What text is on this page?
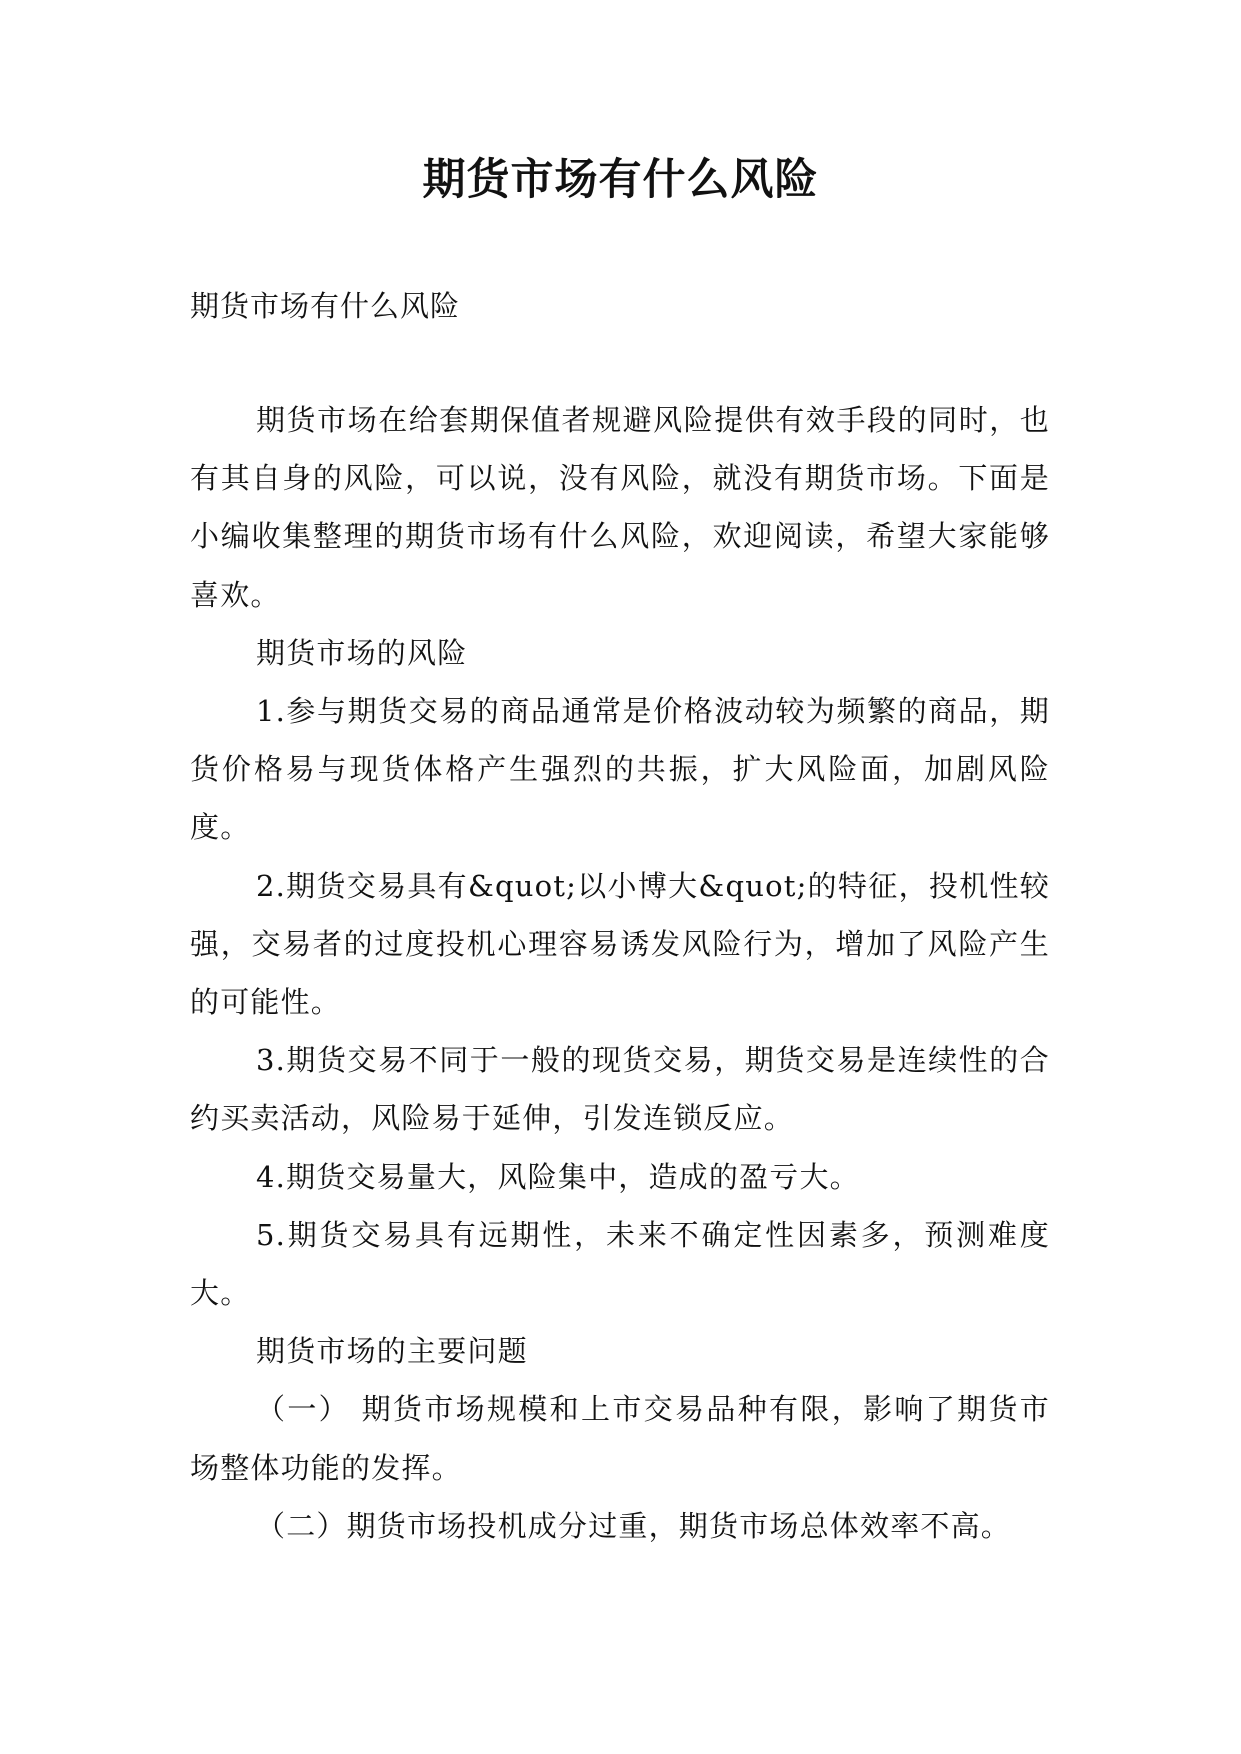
期货市场有什么风险

期货市场有什么风险

期货市场在给套期保值者规避风险提供有效手段的同时，也有其自身的风险，可以说，没有风险，就没有期货市场。下面是小编收集整理的期货市场有什么风险，欢迎阅读，希望大家能够喜欢。

期货市场的风险

1.参与期货交易的商品通常是价格波动较为频繁的商品，期货价格易与现货体格产生强烈的共振，扩大风险面，加剧风险度。

2.期货交易具有&quot;以小博大&quot;的特征，投机性较强，交易者的过度投机心理容易诱发风险行为，增加了风险产生的可能性。

3.期货交易不同于一般的现货交易，期货交易是连续性的合约买卖活动，风险易于延伸，引发连锁反应。

4.期货交易量大，风险集中，造成的盈亏大。

5.期货交易具有远期性，未来不确定性因素多，预测难度大。

期货市场的主要问题

（一） 期货市场规模和上市交易品种有限，影响了期货市场整体功能的发挥。

（二）期货市场投机成分过重，期货市场总体效率不高。
